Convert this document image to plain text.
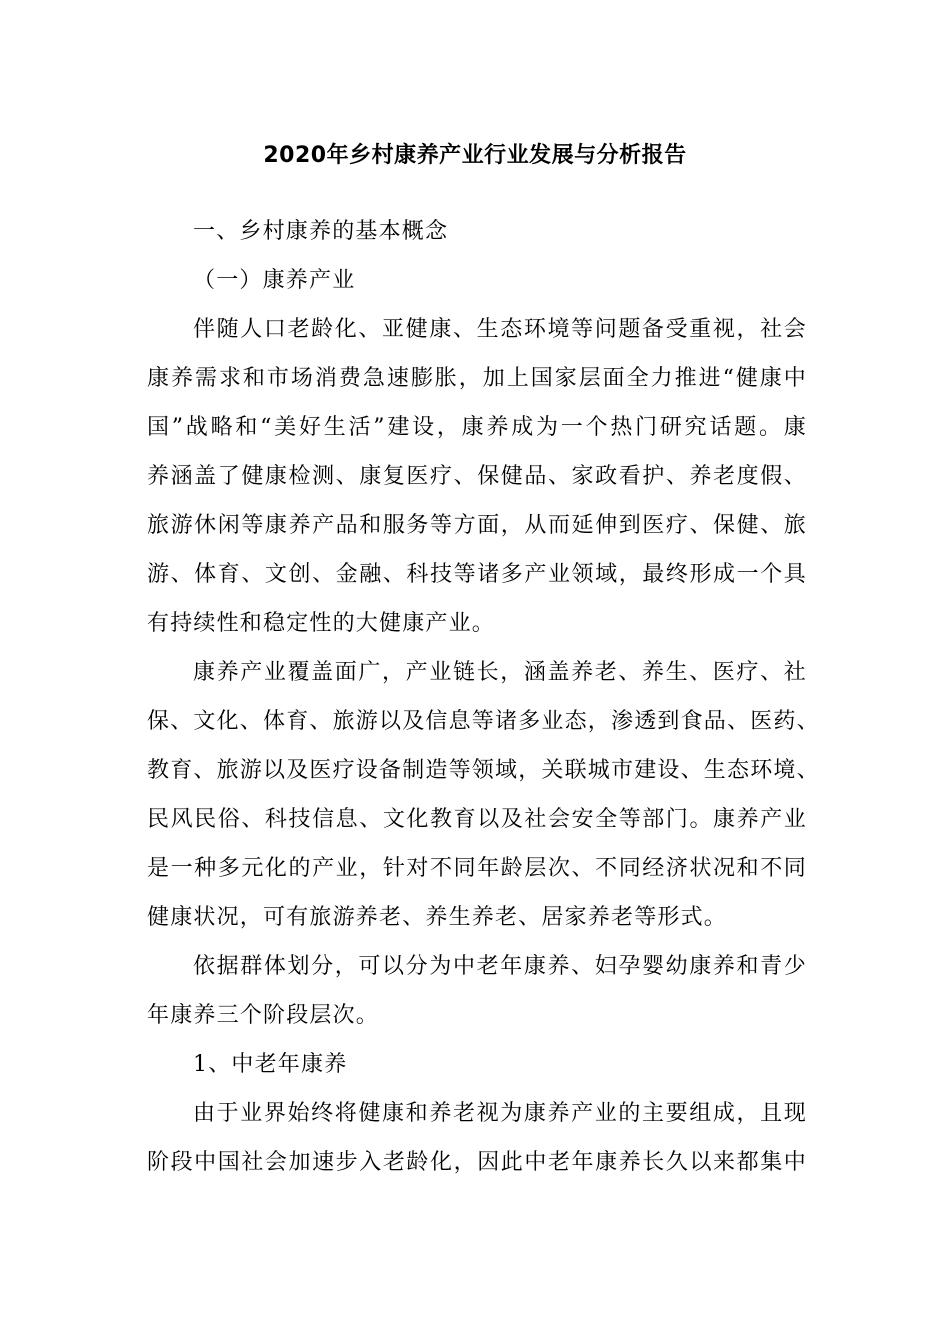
2020年乡村康养产业行业发展与分析报告
一、乡村康养的基本概念
（一）康养产业
伴随人口老龄化、亚健康、生态环境等问题备受重视，社会
康养需求和市场消费急速膨胀，加上国家层面全力推进“健康中
国”战略和“美好生活”建设，康养成为一个热门研究话题。康
养涵盖了健康检测、康复医疗、保健品、家政看护、养老度假、
旅游休闲等康养产品和服务等方面，从而延伸到医疗、保健、旅
游、体育、文创、金融、科技等诸多产业领域，最终形成一个具
有持续性和稳定性的大健康产业。
康养产业覆盖面广，产业链长，涵盖养老、养生、医疗、社
保、文化、体育、旅游以及信息等诸多业态，渗透到食品、医药、
教育、旅游以及医疗设备制造等领域，关联城市建设、生态环境、
民风民俗、科技信息、文化教育以及社会安全等部门。康养产业
是一种多元化的产业，针对不同年龄层次、不同经济状况和不同
健康状况，可有旅游养老、养生养老、居家养老等形式。
依据群体划分，可以分为中老年康养、妇孕婴幼康养和青少
年康养三个阶段层次。
1、中老年康养
由于业界始终将健康和养老视为康养产业的主要组成，且现
阶段中国社会加速步入老龄化，因此中老年康养长久以来都集中
